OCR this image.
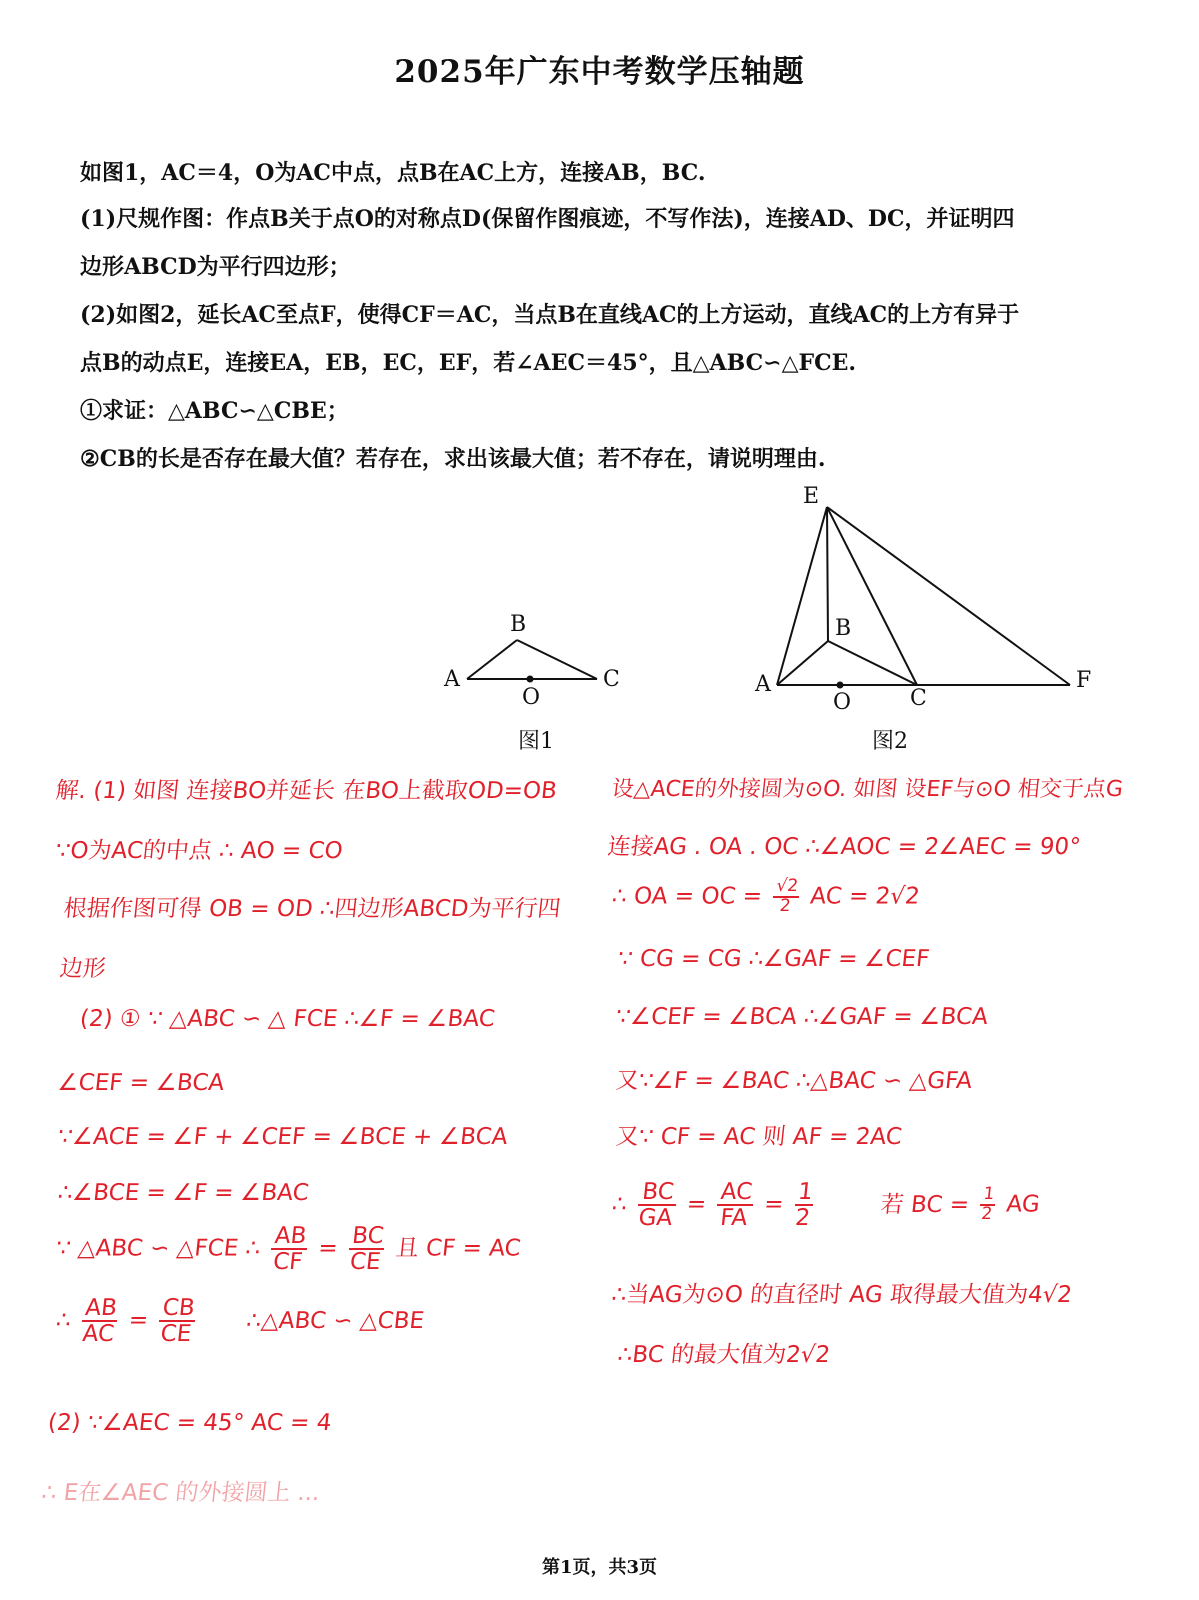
2025年广东中考数学压轴题
如图1，AC＝4，O为AC中点，点B在AC上方，连接AB，BC.
(1)尺规作图：作点B关于点O的对称点D(保留作图痕迹，不写作法)，连接AD、DC，并证明四
边形ABCD为平行四边形；
(2)如图2，延长AC至点F，使得CF＝AC，当点B在直线AC的上方运动，直线AC的上方有异于
点B的动点E，连接EA，EB，EC，EF，若∠AEC＝45°，且△ABC∽△FCE.
①求证：△ABC∽△CBE；
②CB的长是否存在最大值？若存在，求出该最大值；若不存在，请说明理由.
A
B
C
O
图1
E
B
A
O	C
F
图2
解. (1) 如图 连接BO并延长 在BO上截取OD=OB
∵O为AC的中点 ∴ AO = CO
根据作图可得 OB = OD ∴四边形ABCD为平行四
边形
(2) ① ∵ △ABC ∽ △ FCE ∴∠F = ∠BAC
∠CEF = ∠BCA
∵∠ACE = ∠F + ∠CEF = ∠BCE + ∠BCA
∴∠BCE = ∠F = ∠BAC
∵ △ABC ∽ △FCE ∴ $\frac{AB}{CF} = \frac{BC}{CE}$ 且 CF = AC
∴ $\frac{AB}{AC} = \frac{CB}{CE}$ ∴△ABC ∽ △CBE
(2) ∵∠AEC = 45° AC = 4
∴ E在∠AEC 的外接圆上 ...
设△ACE的外接圆为⊙O. 如图 设EF与⊙O 相交于点G
连接AG . OA . OC ∴∠AOC = 2∠AEC = 90°
∴ OA = OC = $\frac{√2}{2}$ AC = 2√2
∵ CG = CG ∴∠GAF = ∠CEF
∵∠CEF = ∠BCA ∴∠GAF = ∠BCA
又∵∠F = ∠BAC ∴△BAC ∽ △GFA
又∵ CF = AC 则 AF = 2AC
∴ $\frac{BC}{GA} = \frac{AC}{FA} = \frac{1}{2}$	若 BC = $\frac{1}{2}$ AG
∴当AG为⊙O 的直径时 AG 取得最大值为4√2
∴BC 的最大值为2√2
第1页，共3页
